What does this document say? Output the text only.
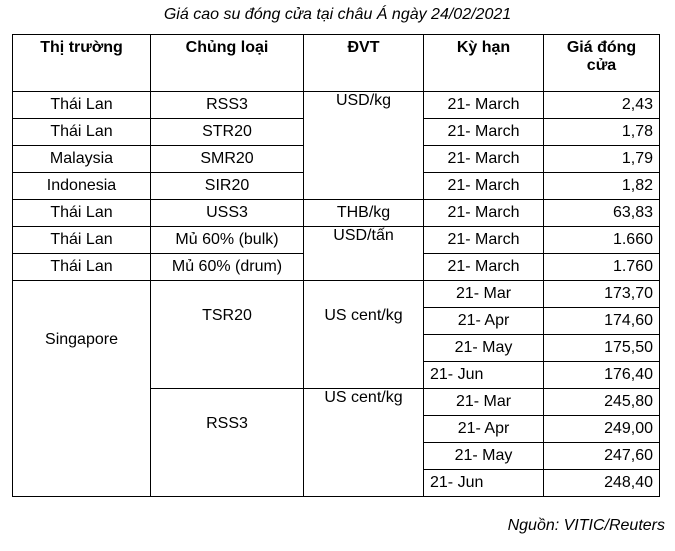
Giá cao su đóng cửa tại châu Á ngày 24/02/2021
Thị trường	Chủng loại	ĐVT	Kỳ hạn	Giá đóng
cửa
Thái Lan	RSS3	USD/kg	21- March	2,43
Thái Lan	STR20		21- March	1,78
Malaysia	SMR20		21- March	1,79
Indonesia	SIR20		21- March	1,82
Thái Lan	USS3	THB/kg	21- March	63,83
Thái Lan	Mủ 60% (bulk)	USD/tấn	21- March	1.660
Thái Lan	Mủ 60% (drum)		21- March	1.760
Singapore	TSR20	US cent/kg	21- Mar	173,70
			21- Apr	174,60
			21- May	175,50
			21- Jun	176,40
	RSS3	US cent/kg	21- Mar	245,80
			21- Apr	249,00
			21- May	247,60
			21- Jun	248,40
Nguồn: VITIC/Reuters
